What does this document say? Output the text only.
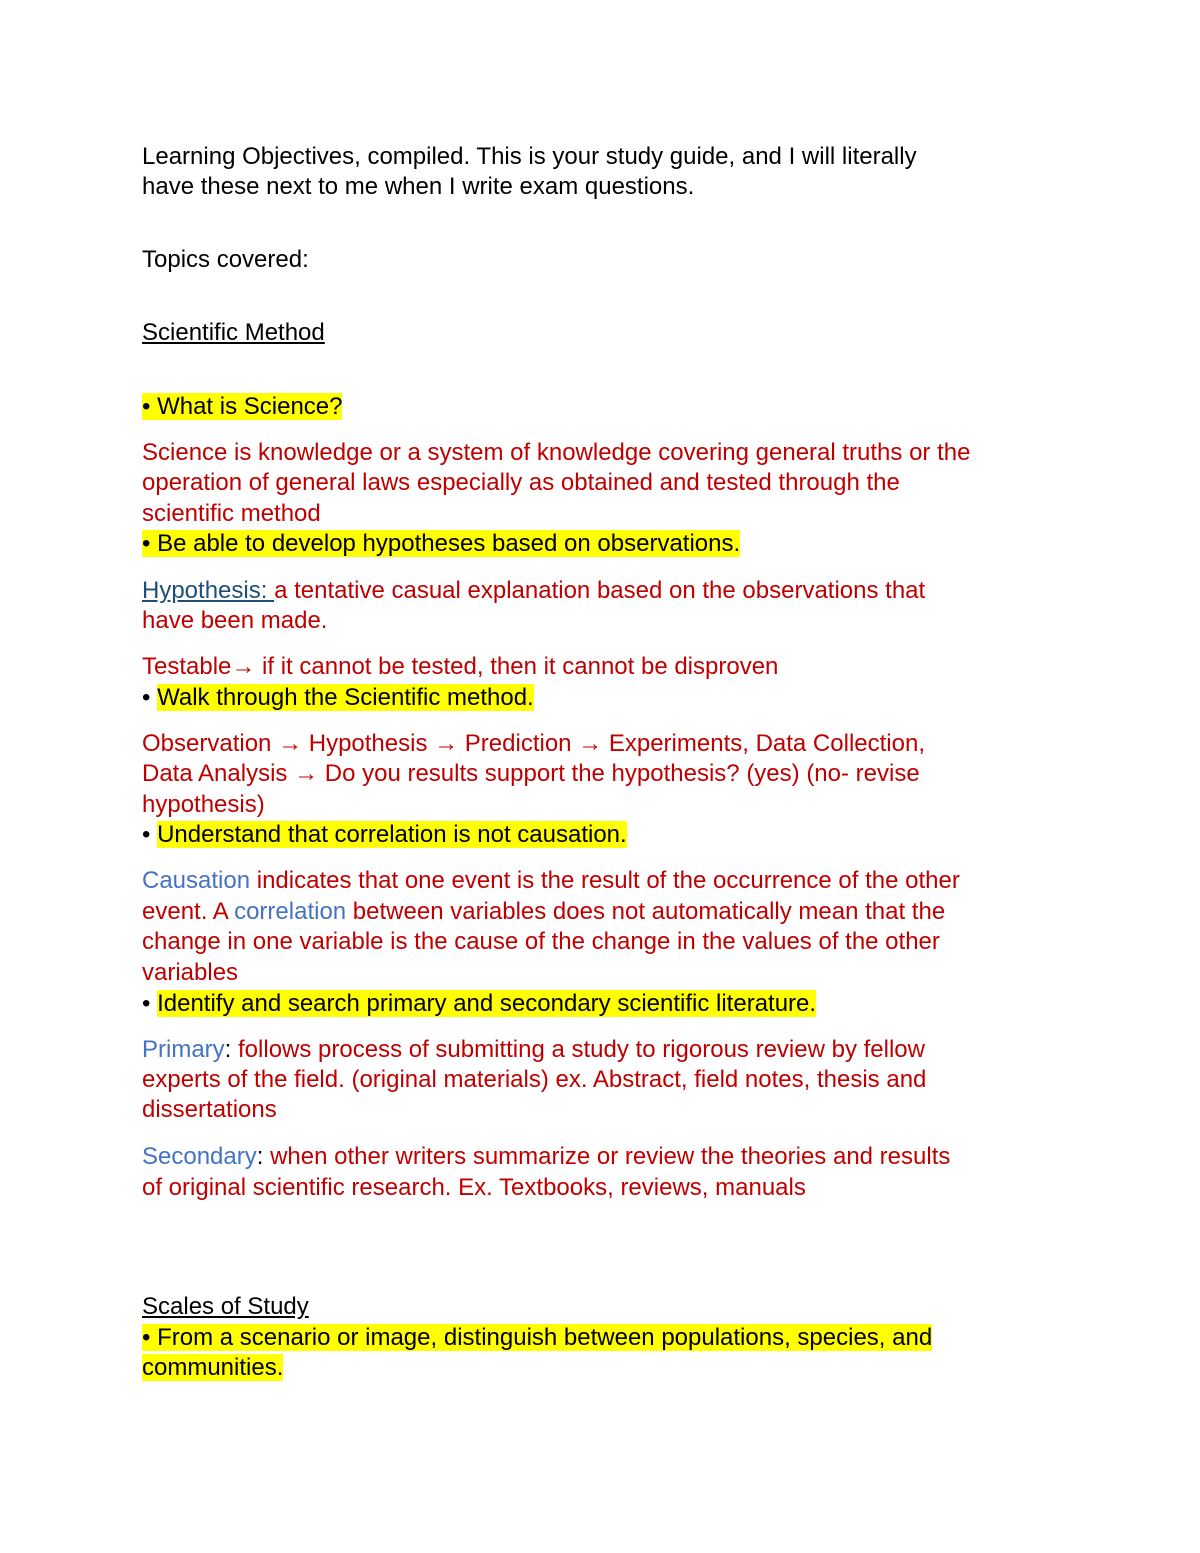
Learning Objectives, compiled. This is your study guide, and I will literally
have these next to me when I write exam questions.
Topics covered:
Scientific Method
• What is Science?
Science is knowledge or a system of knowledge covering general truths or the
operation of general laws especially as obtained and tested through the
scientific method
• Be able to develop hypotheses based on observations.
Hypothesis: a tentative casual explanation based on the observations that
have been made.
Testable→ if it cannot be tested, then it cannot be disproven
• Walk through the Scientific method.
Observation → Hypothesis → Prediction → Experiments, Data Collection,
Data Analysis → Do you results support the hypothesis? (yes) (no- revise
hypothesis)
• Understand that correlation is not causation.
Causation indicates that one event is the result of the occurrence of the other
event. A correlation between variables does not automatically mean that the
change in one variable is the cause of the change in the values of the other
variables
• Identify and search primary and secondary scientific literature.
Primary: follows process of submitting a study to rigorous review by fellow
experts of the field. (original materials) ex. Abstract, field notes, thesis and
dissertations
Secondary: when other writers summarize or review the theories and results
of original scientific research. Ex. Textbooks, reviews, manuals
Scales of Study
• From a scenario or image, distinguish between populations, species, and
communities.
